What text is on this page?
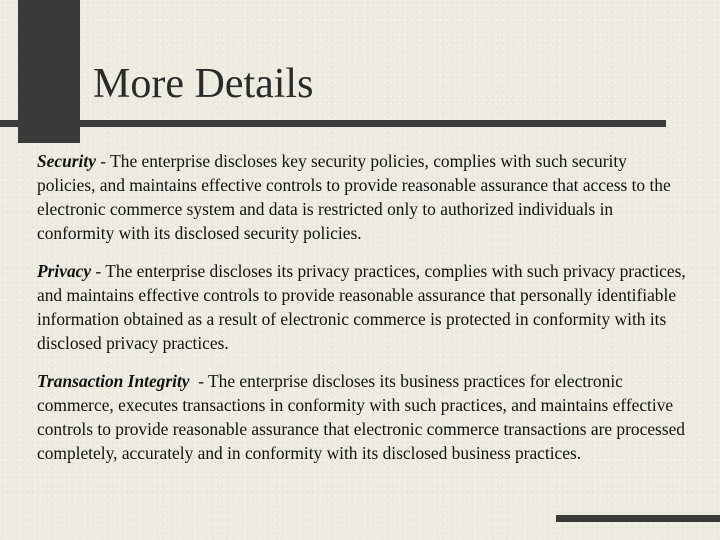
More Details

Security - The enterprise discloses key security policies, complies with such security policies, and maintains effective controls to provide reasonable assurance that access to the electronic commerce system and data is restricted only to authorized individuals in conformity with its disclosed security policies.

Privacy - The enterprise discloses its privacy practices, complies with such privacy practices, and maintains effective controls to provide reasonable assurance that personally identifiable information obtained as a result of electronic commerce is protected in conformity with its disclosed privacy practices.

Transaction Integrity  - The enterprise discloses its business practices for electronic commerce, executes transactions in conformity with such practices, and maintains effective controls to provide reasonable assurance that electronic commerce transactions are processed completely, accurately and in conformity with its disclosed business practices.
